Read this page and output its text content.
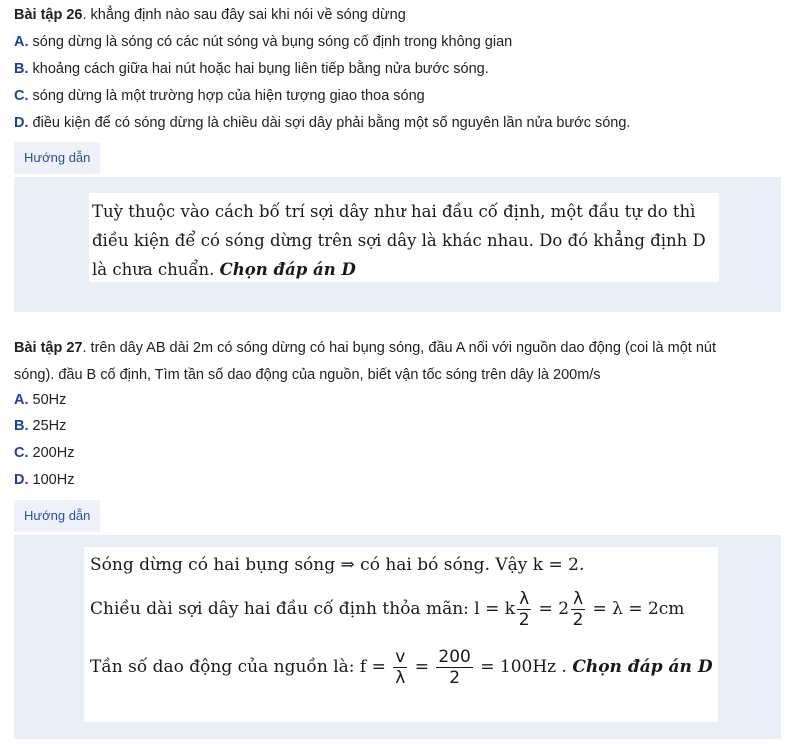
Bài tập 26. khẳng định nào sau đây sai khi nói về sóng dừng
A. sóng dừng là sóng có các nút sóng và bụng sóng cố định trong không gian
B. khoảng cách giữa hai nút hoặc hai bụng liên tiếp bằng nửa bước sóng.
C. sóng dừng là một trường hợp của hiện tượng giao thoa sóng
D. điều kiện để có sóng dừng là chiều dài sợi dây phải bằng một số nguyên lần nửa bước sóng.
Hướng dẫn

Tuỳ thuộc vào cách bố trí sợi dây như hai đầu cố định, một đầu tự do thì

điều kiện để có sóng dừng trên sợi dây là khác nhau. Do đó khẳng định D

là chưa chuẩn. Chọn đáp án D

Bài tập 27. trên dây AB dài 2m có sóng dừng có hai bụng sóng, đầu A nối với nguồn dao động (coi là một nút
sóng). đầu B cố định, Tìm tần số dao động của nguồn, biết vận tốc sóng trên dây là 200m/s
A. 50Hz
B. 25Hz
C. 200Hz
D. 100Hz
Hướng dẫn
Sóng dừng có hai bụng sóng ⇒ có hai bó sóng. Vậy k = 2.
Chiều dài sợi dây hai đầu cố định thỏa mãn: l = k $\frac{\lambda}{2} = 2 \frac{\lambda}{2} = \lambda = 2cm$
Tần số dao động của nguồn là: $f = \frac{v}{\lambda} = \frac{200}{2} = 100Hz$ . Chọn đáp án D
